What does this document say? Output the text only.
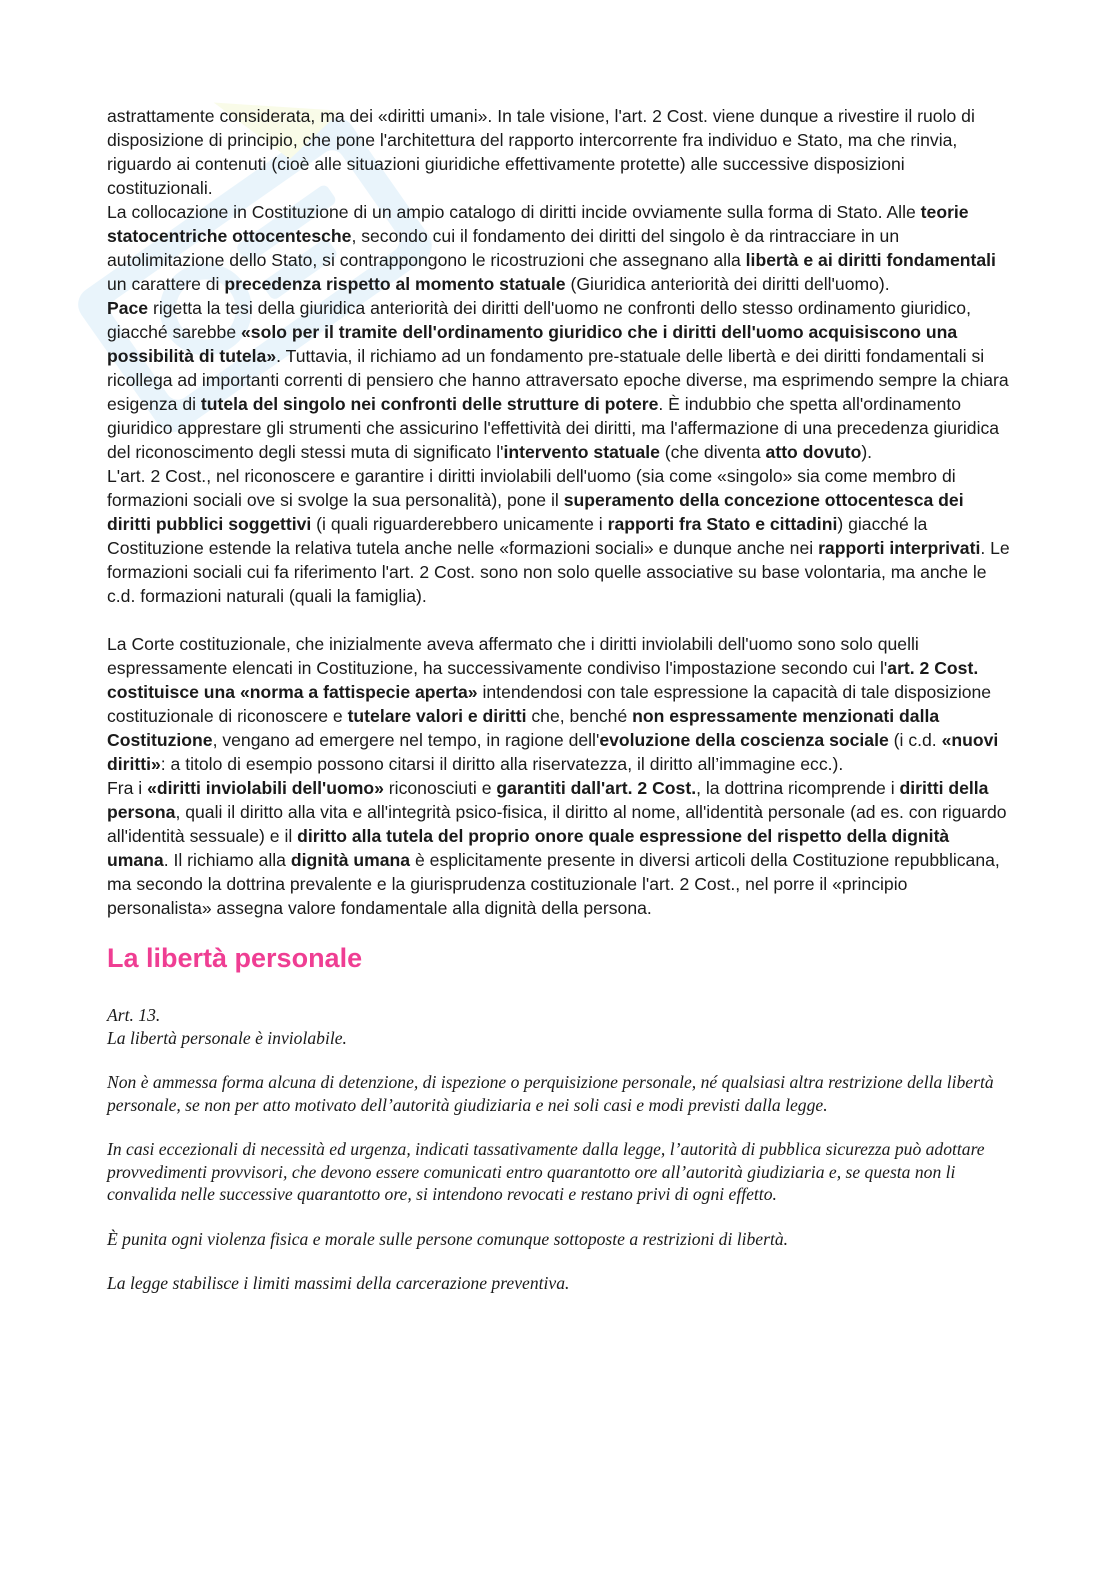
astrattamente considerata, ma dei «diritti umani». In tale visione, l'art. 2 Cost. viene dunque a rivestire il ruolo di disposizione di principio, che pone l'architettura del rapporto intercorrente fra individuo e Stato, ma che rinvia, riguardo ai contenuti (cioè alle situazioni giuridiche effettivamente protette) alle successive disposizioni costituzionali.

La collocazione in Costituzione di un ampio catalogo di diritti incide ovviamente sulla forma di Stato. Alle teorie statocentriche ottocentesche, secondo cui il fondamento dei diritti del singolo è da rintracciare in un autolimitazione dello Stato, si contrappongono le ricostruzioni che assegnano alla libertà e ai diritti fondamentali un carattere di precedenza rispetto al momento statuale (Giuridica anteriorità dei diritti dell'uomo).

Pace rigetta la tesi della giuridica anteriorità dei diritti dell'uomo ne confronti dello stesso ordinamento giuridico, giacché sarebbe «solo per il tramite dell'ordinamento giuridico che i diritti dell'uomo acquisiscono una possibilità di tutela». Tuttavia, il richiamo ad un fondamento pre-statuale delle libertà e dei diritti fondamentali si ricollega ad importanti correnti di pensiero che hanno attraversato epoche diverse, ma esprimendo sempre la chiara esigenza di tutela del singolo nei confronti delle strutture di potere. È indubbio che spetta all'ordinamento giuridico apprestare gli strumenti che assicurino l'effettività dei diritti, ma l'affermazione di una precedenza giuridica del riconoscimento degli stessi muta di significato l'intervento statuale (che diventa atto dovuto).

L'art. 2 Cost., nel riconoscere e garantire i diritti inviolabili dell'uomo (sia come «singolo» sia come membro di formazioni sociali ove si svolge la sua personalità), pone il superamento della concezione ottocentesca dei diritti pubblici soggettivi (i quali riguarderebbero unicamente i rapporti fra Stato e cittadini) giacché la Costituzione estende la relativa tutela anche nelle «formazioni sociali» e dunque anche nei rapporti interprivati. Le formazioni sociali cui fa riferimento l'art. 2 Cost. sono non solo quelle associative su base volontaria, ma anche le c.d. formazioni naturali (quali la famiglia).

La Corte costituzionale, che inizialmente aveva affermato che i diritti inviolabili dell'uomo sono solo quelli espressamente elencati in Costituzione, ha successivamente condiviso l'impostazione secondo cui l'art. 2 Cost. costituisce una «norma a fattispecie aperta» intendendosi con tale espressione la capacità di tale disposizione costituzionale di riconoscere e tutelare valori e diritti che, benché non espressamente menzionati dalla Costituzione, vengano ad emergere nel tempo, in ragione dell'evoluzione della coscienza sociale (i c.d. «nuovi diritti»: a titolo di esempio possono citarsi il diritto alla riservatezza, il diritto all’immagine ecc.).

Fra i «diritti inviolabili dell'uomo» riconosciuti e garantiti dall'art. 2 Cost., la dottrina ricomprende i diritti della persona, quali il diritto alla vita e all'integrità psico-fisica, il diritto al nome, all'identità personale (ad es. con riguardo all'identità sessuale) e il diritto alla tutela del proprio onore quale espressione del rispetto della dignità umana. Il richiamo alla dignità umana è esplicitamente presente in diversi articoli della Costituzione repubblicana, ma secondo la dottrina prevalente e la giurisprudenza costituzionale l'art. 2 Cost., nel porre il «principio personalista» assegna valore fondamentale alla dignità della persona.

La libertà personale

Art. 13.

La libertà personale è inviolabile.

Non è ammessa forma alcuna di detenzione, di ispezione o perquisizione personale, né qualsiasi altra restrizione della libertà personale, se non per atto motivato dell’autorità giudiziaria e nei soli casi e modi previsti dalla legge.

In casi eccezionali di necessità ed urgenza, indicati tassativamente dalla legge, l’autorità di pubblica sicurezza può adottare provvedimenti provvisori, che devono essere comunicati entro quarantotto ore all’autorità giudiziaria e, se questa non li convalida nelle successive quarantotto ore, si intendono revocati e restano privi di ogni effetto.

È punita ogni violenza fisica e morale sulle persone comunque sottoposte a restrizioni di libertà.

La legge stabilisce i limiti massimi della carcerazione preventiva.
